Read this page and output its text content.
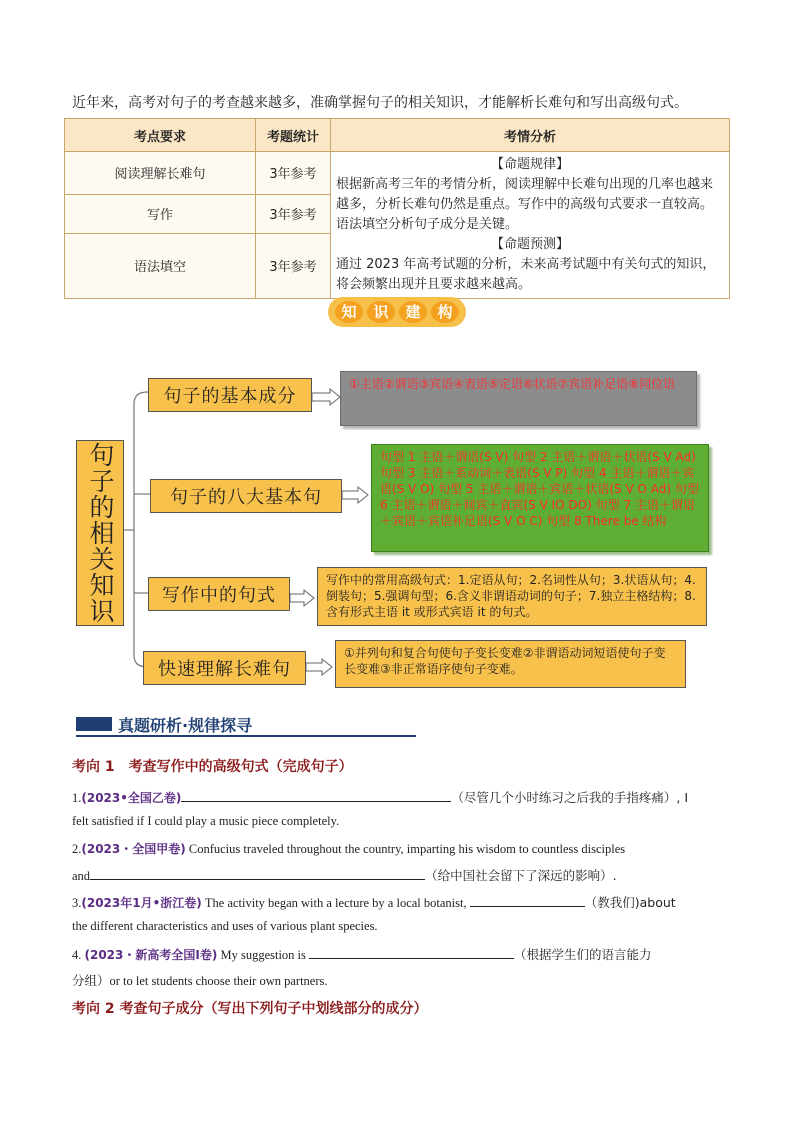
近年来，高考对句子的考查越来越多，准确掌握句子的相关知识，才能解析长难句和写出高级句式。
考点要求	考题统计	考情分析
阅读理解长难句	3年参考	【命题规律】
根据新高考三年的考情分析，阅读理解中长难句出现的几率也越来越多，分析长难句仍然是重点。写作中的高级句式要求一直较高。语法填空分析句子成分是关键。
【命题预测】
通过 2023 年高考试题的分析，未来高考试题中有关句式的知识，将会频繁出现并且要求越来越高。

写作	3年参考	
语法填空	3年参考	
知	识	建	构
句子的相关知识
句子的基本成分
句子的八大基本句
写作中的句式
快速理解长难句
①主语②谓语③宾语④表语⑤定语⑥状语⑦宾语补足语⑧同位语
句型 1 主语＋谓语(S V) 句型 2 主语＋谓语＋状语(S V Ad) 句型 3 主语＋系动词＋表语(S V P) 句型 4 主语＋谓语＋宾语(S V O) 句型 5 主语＋谓语＋宾语＋状语(S V O Ad) 句型 6 主语＋谓语＋间宾＋直宾(S V IO DO) 句型 7 主语＋谓语＋宾语＋宾语补足语(S V O C) 句型 8 There be 结构
写作中的常用高级句式：1.定语从句；2.名词性从句；3.状语从句；4.倒装句；5.强调句型；6.含义非谓语动词的句子；7.独立主格结构；8.含有形式主语 it 或形式宾语 it 的句式。
①并列句和复合句使句子变长变难②非谓语动词短语使句子变长变难③非正常语序使句子变难。
真题研析·规律探寻
考向 1　考查写作中的高级句式（完成句子）
1.(2023•全国乙卷)	（尽管几个小时练习之后我的手指疼痛）, I
felt satisfied if I could play a music piece completely.
2.(2023・全国甲卷) Confucius traveled throughout the country, imparting his wisdom to countless disciples
and	（给中国社会留下了深远的影响）.
3.(2023年1月•浙江卷) The activity began with a lecture by a local botanist,	（教我们)about
the different characteristics and uses of various plant species.
4. (2023・新高考全国Ⅰ卷) My suggestion is	（根据学生们的语言能力
分组）or to let students choose their own partners.
考向 2 考查句子成分（写出下列句子中划线部分的成分）
